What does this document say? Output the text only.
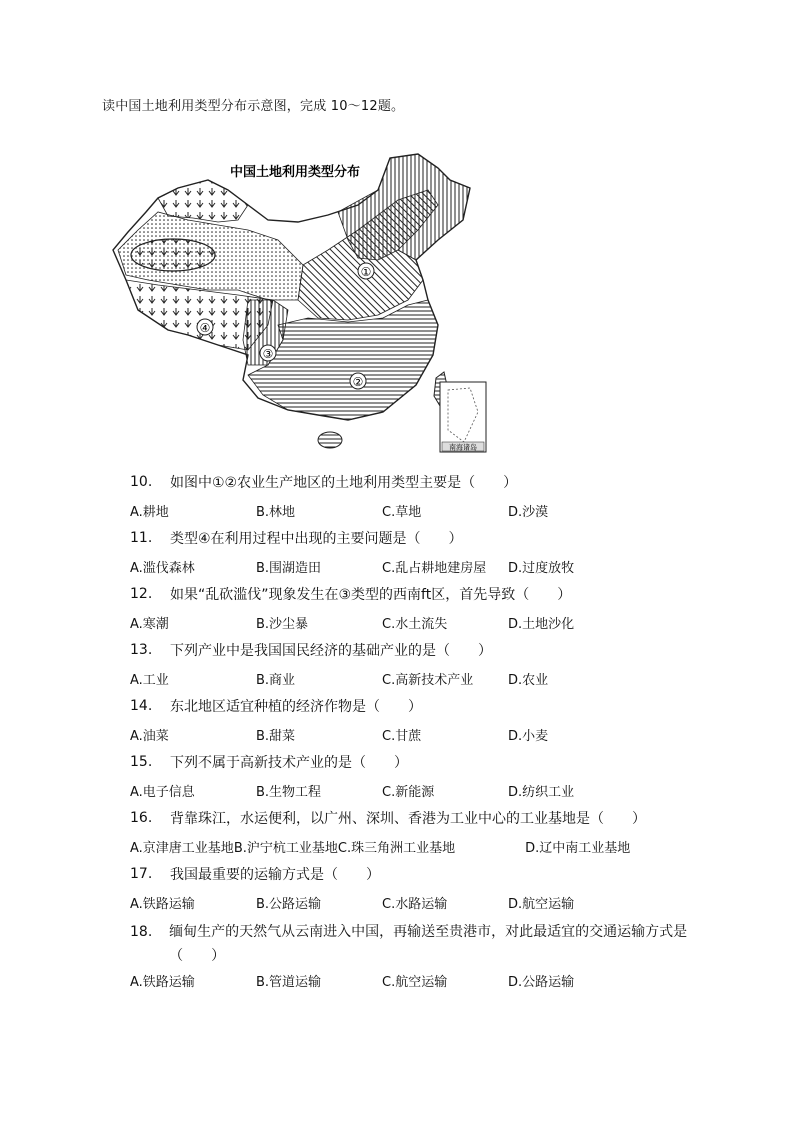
读中国土地利用类型分布示意图，完成 10～12题。
南海诸岛
中国土地利用类型分布
①
②
③
④
10.	如图中①②农业生产地区的土地利用类型主要是（　　）
A.耕地	B.林地	C.草地	D.沙漠
11.	类型④在利用过程中出现的主要问题是（　　）
A.滥伐森林	B.围湖造田	C.乱占耕地建房屋	D.过度放牧
12.	如果“乱砍滥伐”现象发生在③类型的西南ft区，首先导致（　　）
A.寒潮	B.沙尘暴	C.水土流失	D.土地沙化
13.	下列产业中是我国国民经济的基础产业的是（　　）
A.工业	B.商业	C.高新技术产业	D.农业
14.	东北地区适宜种植的经济作物是（　　）
A.油菜	B.甜菜	C.甘蔗	D.小麦
15.	下列不属于高新技术产业的是（　　）
A.电子信息	B.生物工程	C.新能源	D.纺织工业
16.	背靠珠江，水运便利，以广州、深圳、香港为工业中心的工业基地是（　　）
A.京津唐工业基地 B.沪宁杭工业基地 C.珠三角洲工业基地	D.辽中南工业基地
17.	我国最重要的运输方式是（　　）
A.铁路运输	B.公路运输	C.水路运输	D.航空运输
18.	缅甸生产的天然气从云南进入中国，再输送至贵港市，对此最适宜的交通运输方式是（　　）
A.铁路运输	B.管道运输	C.航空运输	D.公路运输
